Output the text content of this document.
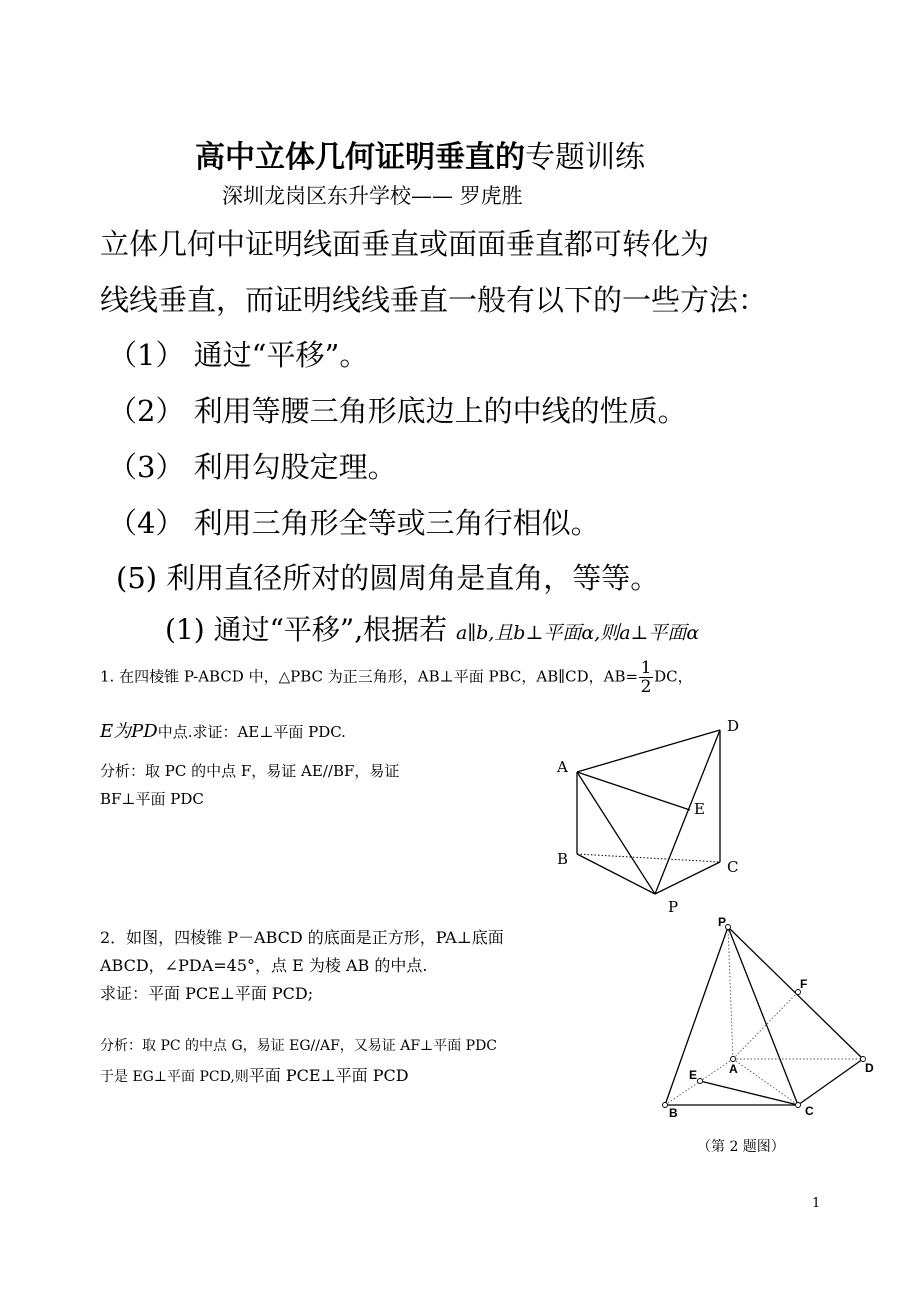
高中立体几何证明垂直的专题训练
深圳龙岗区东升学校—— 罗虎胜
立体几何中证明线面垂直或面面垂直都可转化为
线线垂直，而证明线线垂直一般有以下的一些方法：
（1） 通过“平移”。
（2） 利用等腰三角形底边上的中线的性质。
（3） 利用勾股定理。
（4） 利用三角形全等或三角行相似。
(5) 利用直径所对的圆周角是直角，等等。
(1) 通过“平移”,根据若 a∥b,且b⊥平面α,则a⊥平面α
1. 在四棱锥 P-ABCD 中，△PBC 为正三角形，AB⊥平面 PBC，AB∥CD，$AB= \frac{1}{2}$ DC，
E为PD中点.求证：AE⊥平面 PDC.
分析：取 PC 的中点 F，易证 AE//BF，易证
BF⊥平面 PDC
D
A
E
B	C
P
2．如图，四棱锥 P－ABCD 的底面是正方形，PA⊥底面
ABCD，∠PDA=45°，点 E 为棱 AB 的中点.
求证：平面 PCE⊥平面 PCD;
分析：取 PC 的中点 G，易证 EG//AF，又易证 AF⊥平面 PDC
于是 EG⊥平面 PCD,则平面 PCE⊥平面 PCD
P
F
A
E	D
B	C
（第 2 题图）
1
